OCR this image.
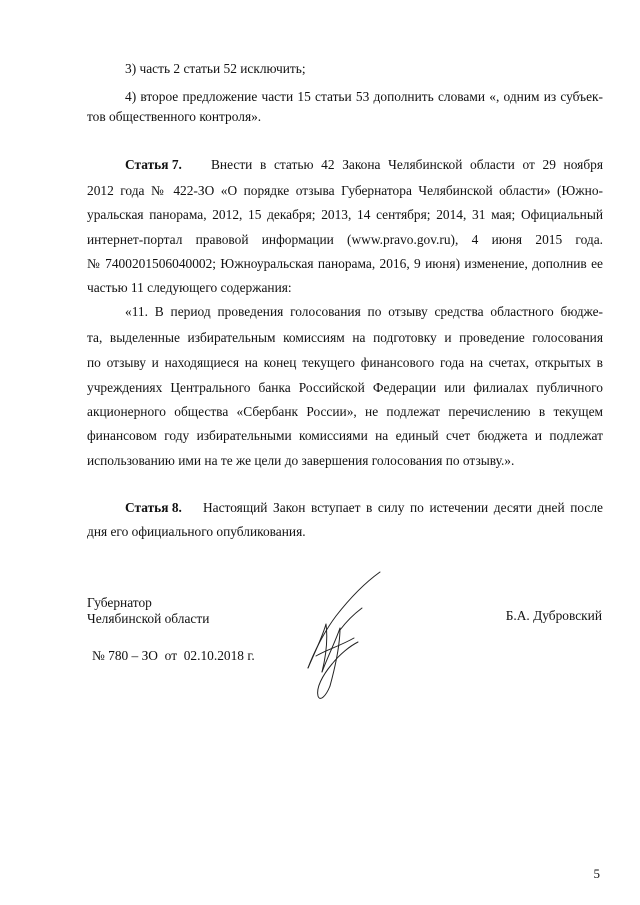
3) часть 2 статьи 52 исключить;
4) второе предложение части 15 статьи 53 дополнить словами «, одним из субъек-
тов общественного контроля».
Статья 7. Внести в статью 42 Закона Челябинской области от 29 ноября
2012 года № 422-ЗО «О порядке отзыва Губернатора Челябинской области» (Южно-
уральская панорама, 2012, 15 декабря; 2013, 14 сентября; 2014, 31 мая; Официальный
интернет-портал правовой информации (www.pravo.gov.ru), 4 июня 2015 года.
№ 7400201506040002; Южноуральская панорама, 2016, 9 июня) изменение, дополнив ее
частью 11 следующего содержания:
«11. В период проведения голосования по отзыву средства областного бюдже-
та, выделенные избирательным комиссиям на подготовку и проведение голосования
по отзыву и находящиеся на конец текущего финансового года на счетах, открытых в
учреждениях Центрального банка Российской Федерации или филиалах публичного
акционерного общества «Сбербанк России», не подлежат перечислению в текущем
финансовом году избирательными комиссиями на единый счет бюджета и подлежат
использованию ими на те же цели до завершения голосования по отзыву.».
Статья 8. Настоящий Закон вступает в силу по истечении десяти дней после
дня его официального опубликования.
Губернатор
Челябинской области	Б.А. Дубровский
№ 780 – ЗО  от  02.10.2018 г.
5
